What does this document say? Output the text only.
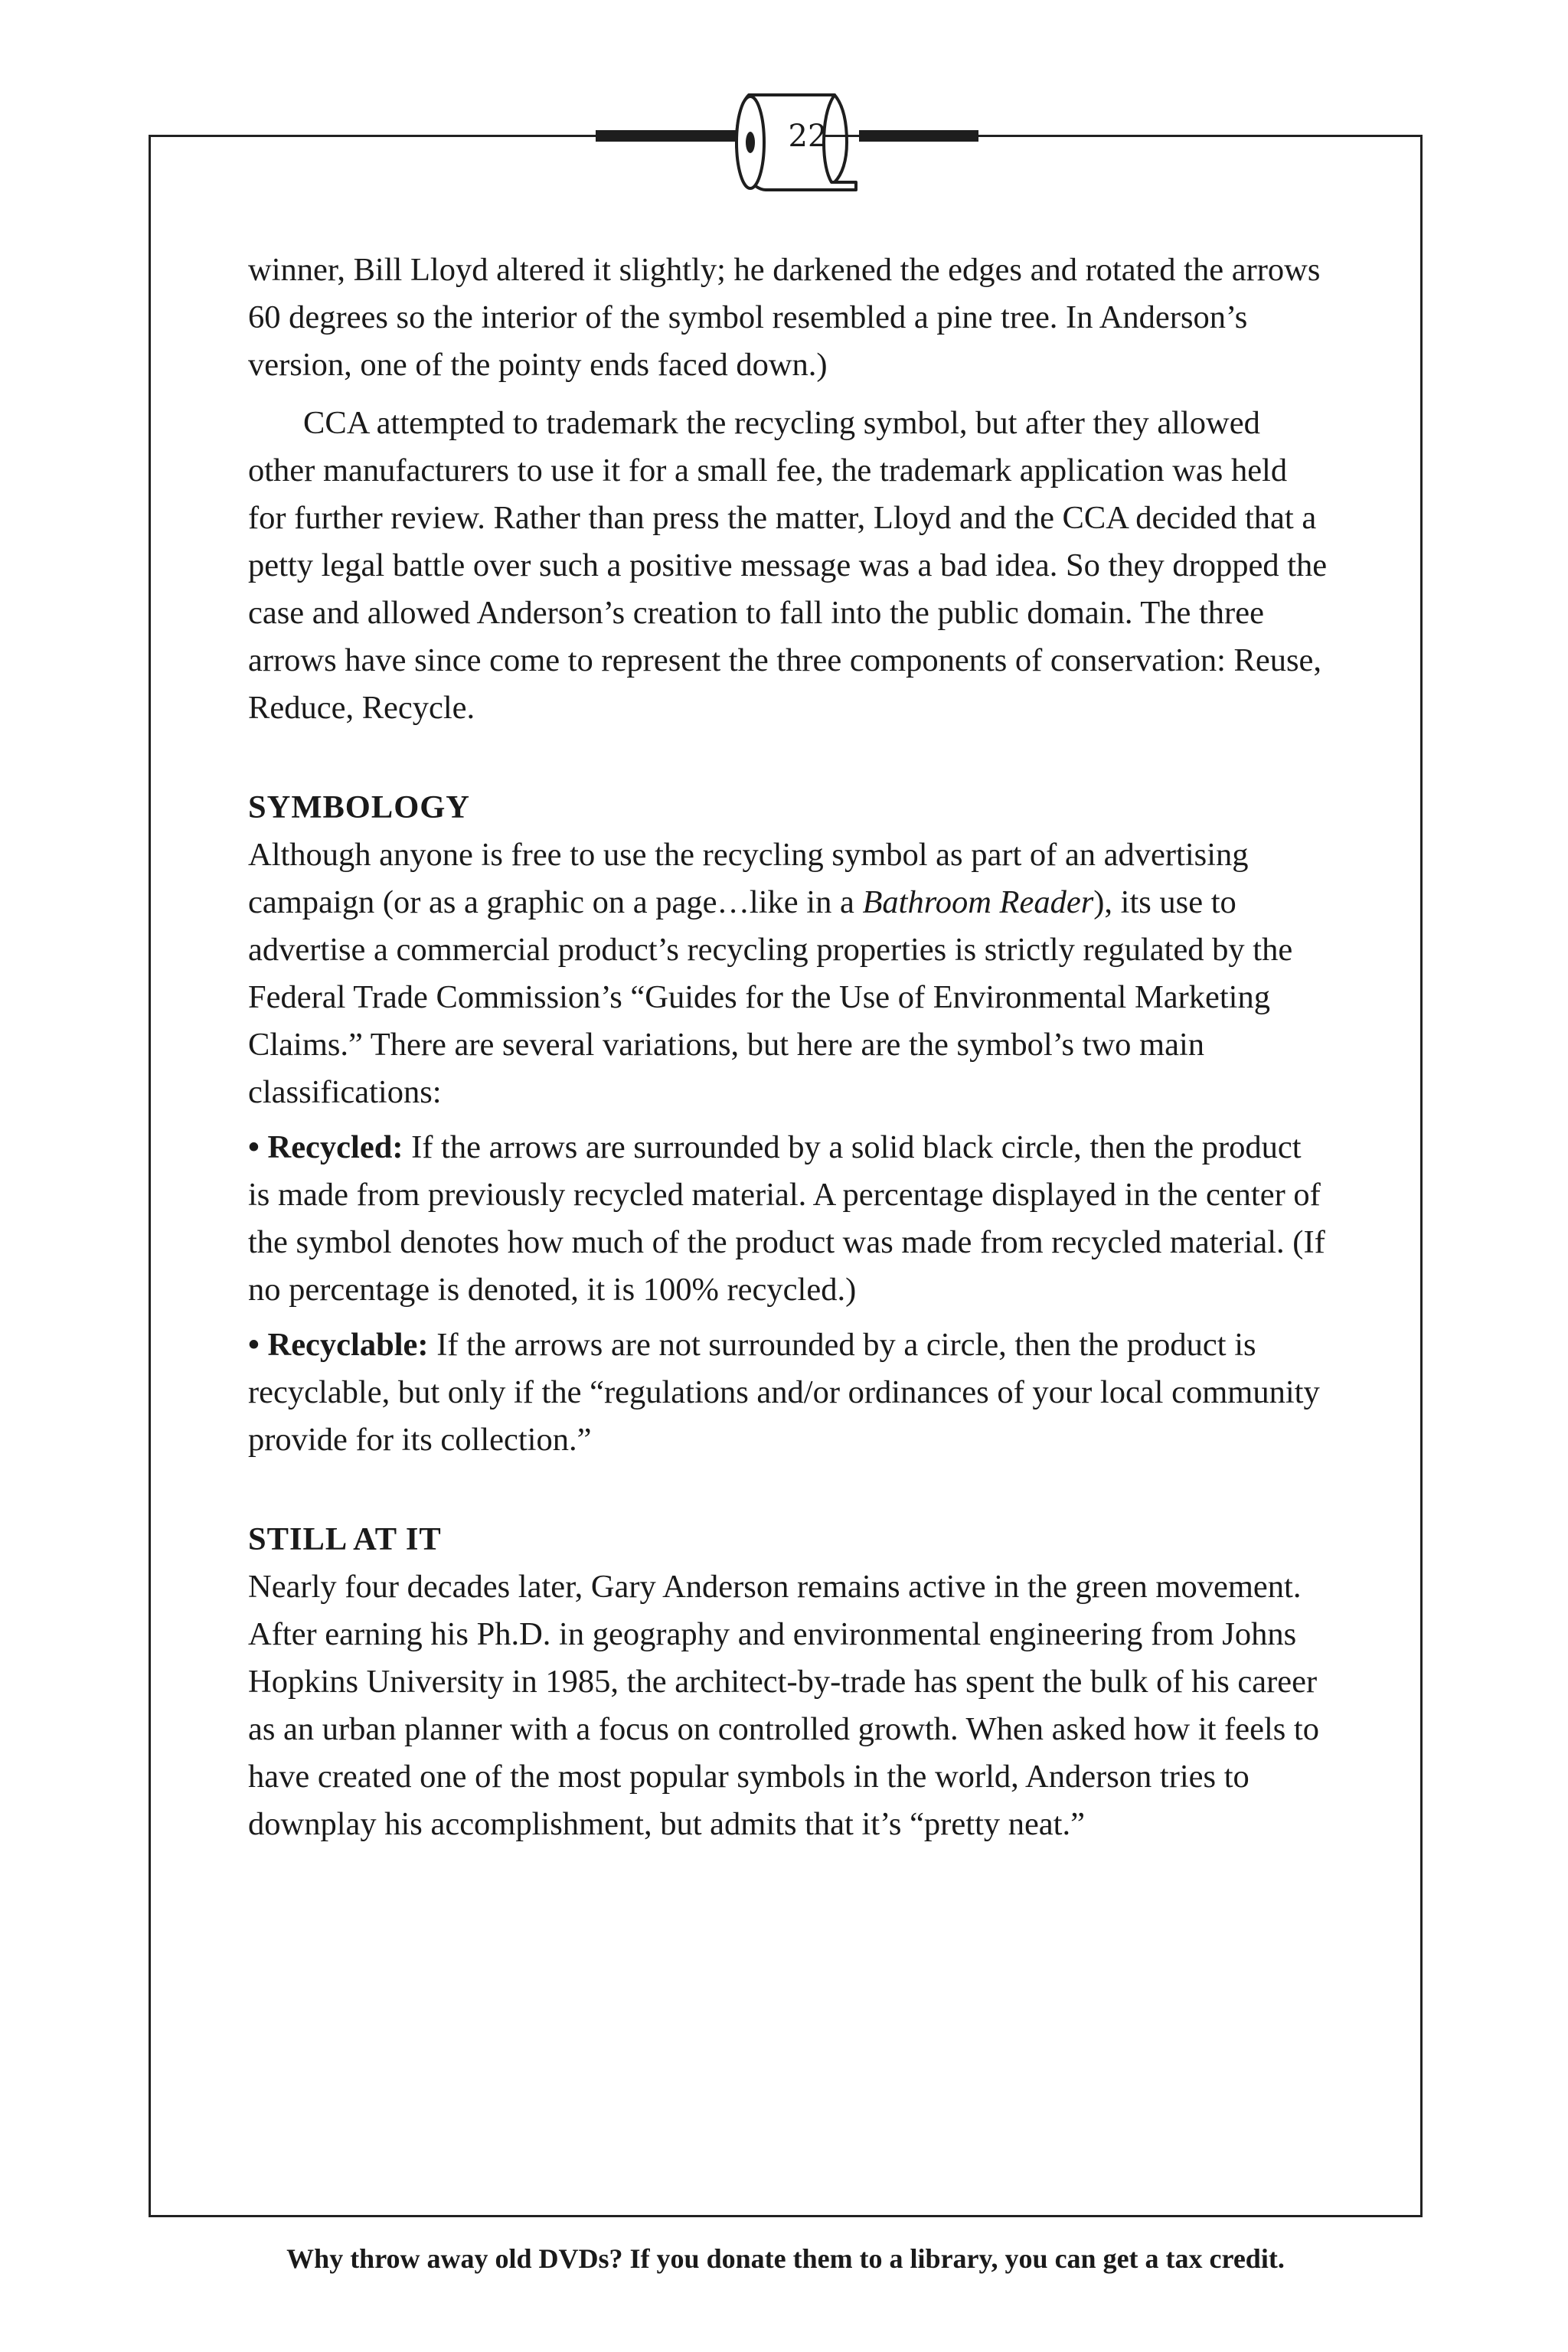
22

winner, Bill Lloyd altered it slightly; he darkened the edges and rotated the arrows 60 degrees so the interior of the symbol resembled a pine tree. In Anderson’s version, one of the pointy ends faced down.)

CCA attempted to trademark the recycling symbol, but after they allowed other manufacturers to use it for a small fee, the trademark application was held for further review. Rather than press the matter, Lloyd and the CCA decided that a petty legal battle over such a positive message was a bad idea. So they dropped the case and allowed Anderson’s creation to fall into the public domain. The three arrows have since come to represent the three components of conservation: Reuse, Reduce, Recycle.

SYMBOLOGY

Although anyone is free to use the recycling symbol as part of an advertising campaign (or as a graphic on a page…like in a Bathroom Reader), its use to advertise a commercial product’s recycling properties is strictly regulated by the Federal Trade Commission’s “Guides for the Use of Environmental Marketing Claims.” There are several variations, but here are the symbol’s two main classifications:

• Recycled: If the arrows are surrounded by a solid black circle, then the product is made from previously recycled material. A percentage displayed in the center of the symbol denotes how much of the product was made from recycled material. (If no percentage is denoted, it is 100% recycled.)

• Recyclable: If the arrows are not surrounded by a circle, then the product is recyclable, but only if the “regulations and/or ordinances of your local community provide for its collection.”

STILL AT IT

Nearly four decades later, Gary Anderson remains active in the green movement. After earning his Ph.D. in geography and environmental engineering from Johns Hopkins University in 1985, the architect-by-trade has spent the bulk of his career as an urban planner with a focus on controlled growth. When asked how it feels to have created one of the most popular symbols in the world, Anderson tries to downplay his accomplishment, but admits that it’s “pretty neat.”

Why throw away old DVDs? If you donate them to a library, you can get a tax credit.
